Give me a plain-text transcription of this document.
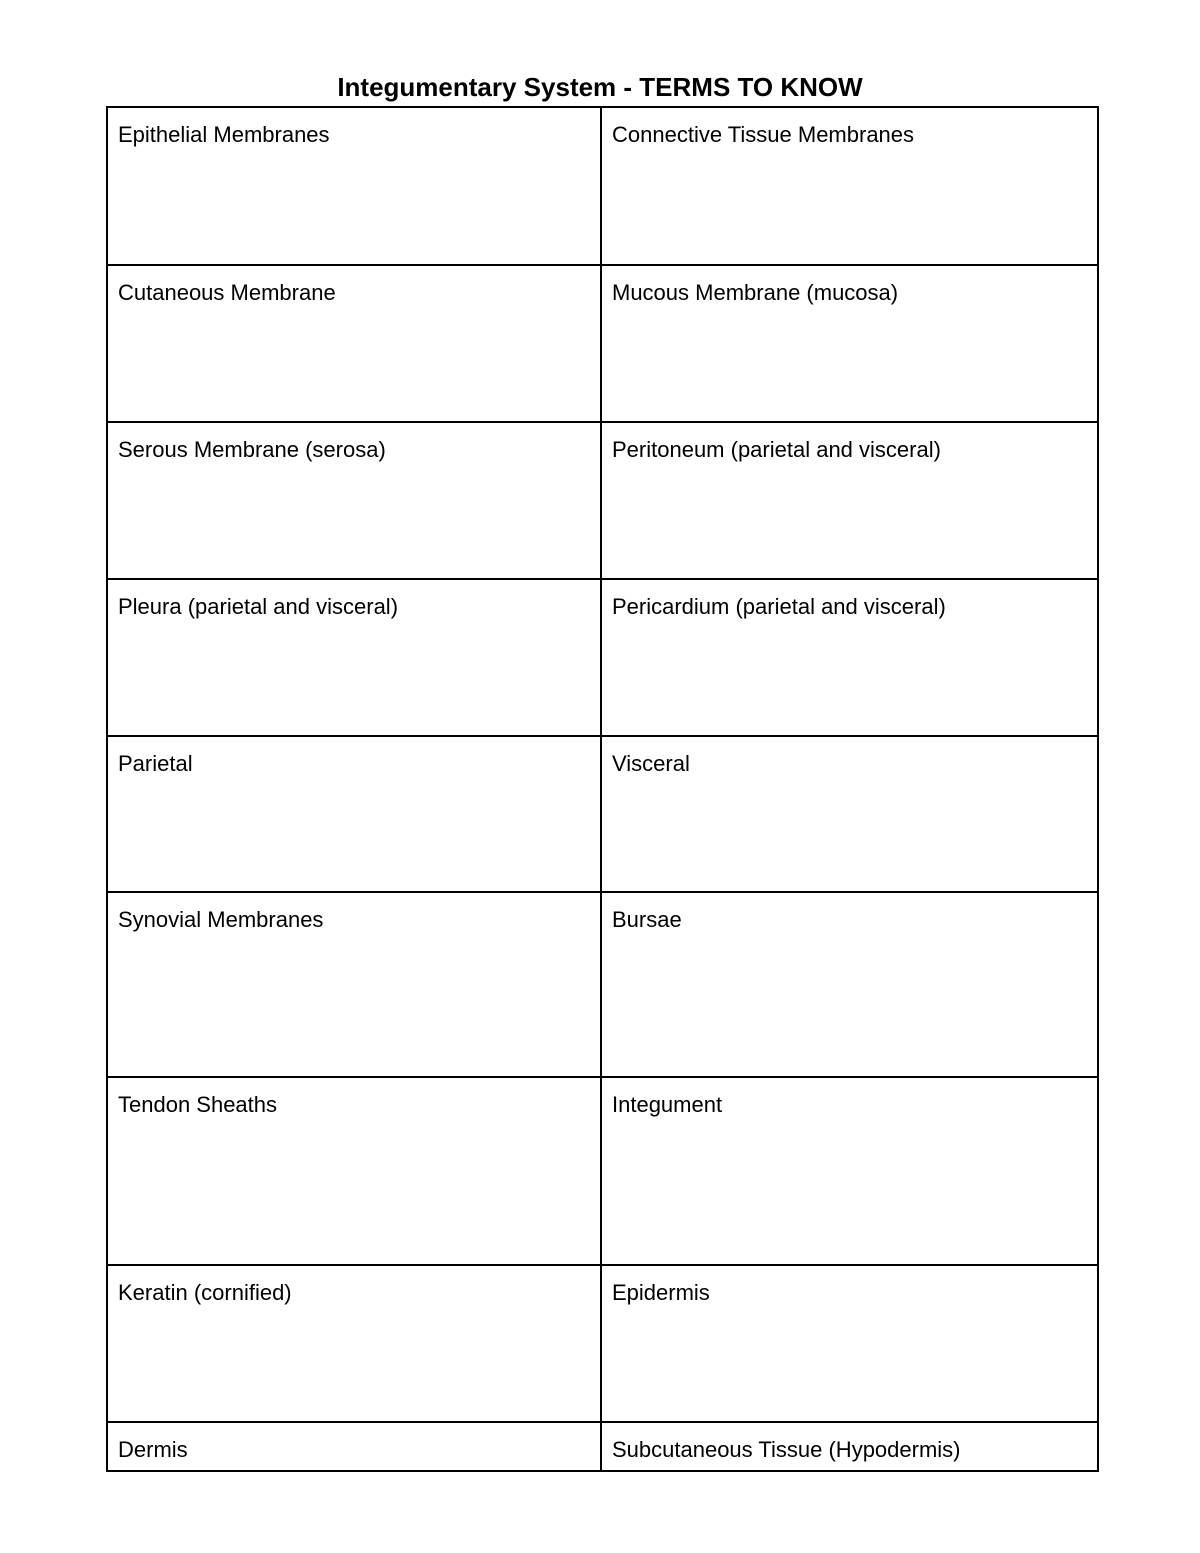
Integumentary System - TERMS TO KNOW
Epithelial Membranes	Connective Tissue Membranes
Cutaneous Membrane	Mucous Membrane (mucosa)
Serous Membrane (serosa)	Peritoneum (parietal and visceral)
Pleura (parietal and visceral)	Pericardium (parietal and visceral)
Parietal	Visceral
Synovial Membranes	Bursae
Tendon Sheaths	Integument
Keratin (cornified)	Epidermis
Dermis	Subcutaneous Tissue (Hypodermis)
